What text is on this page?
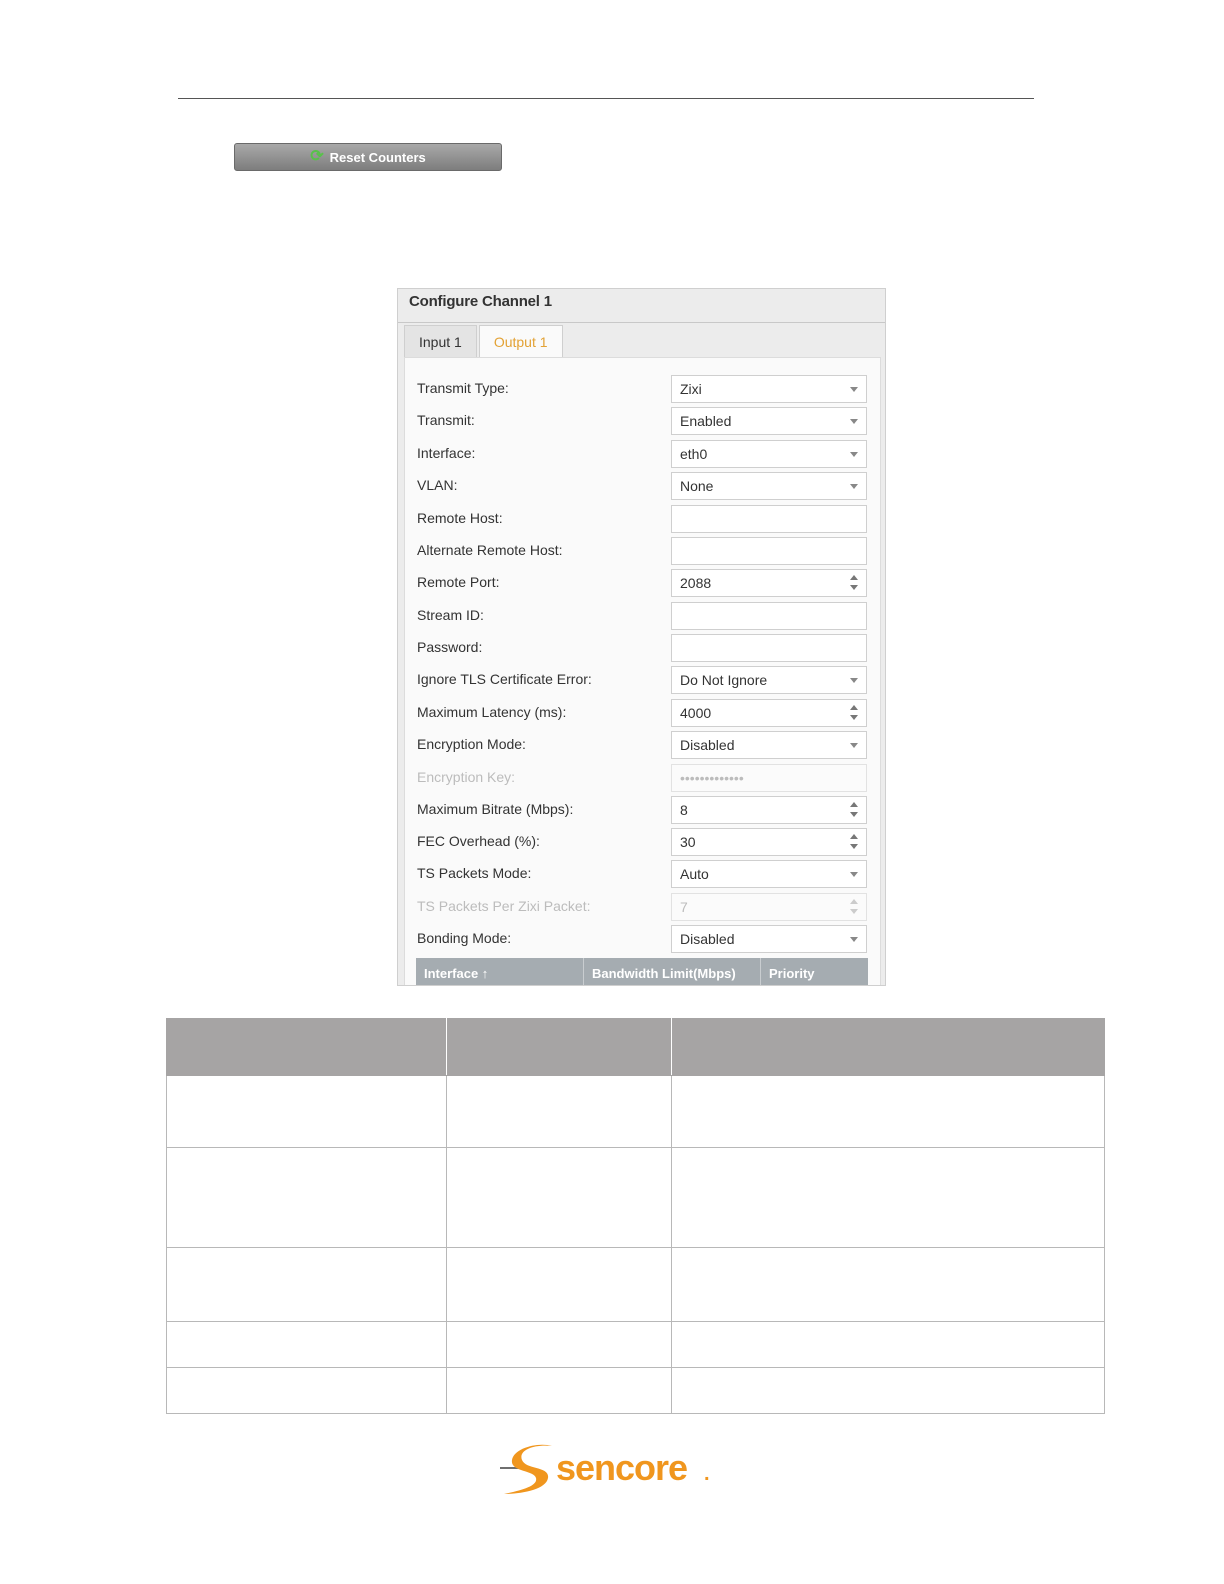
⟳ Reset Counters
Configure Channel 1
Input 1	Output 1
Transmit Type:	Zixi
Transmit:	Enabled
Interface:	eth0
VLAN:	None
Remote Host:
Alternate Remote Host:
Remote Port:	2088
Stream ID:
Password:
Ignore TLS Certificate Error:	Do Not Ignore
Maximum Latency (ms):	4000
Encryption Mode:	Disabled
Encryption Key:	•••••••••••••
Maximum Bitrate (Mbps):	8
FEC Overhead (%):	30
TS Packets Mode:	Auto
TS Packets Per Zixi Packet:	7
Bonding Mode:	Disabled
Interface ↑	Bandwidth Limit(Mbps)	Priority

sencore .
